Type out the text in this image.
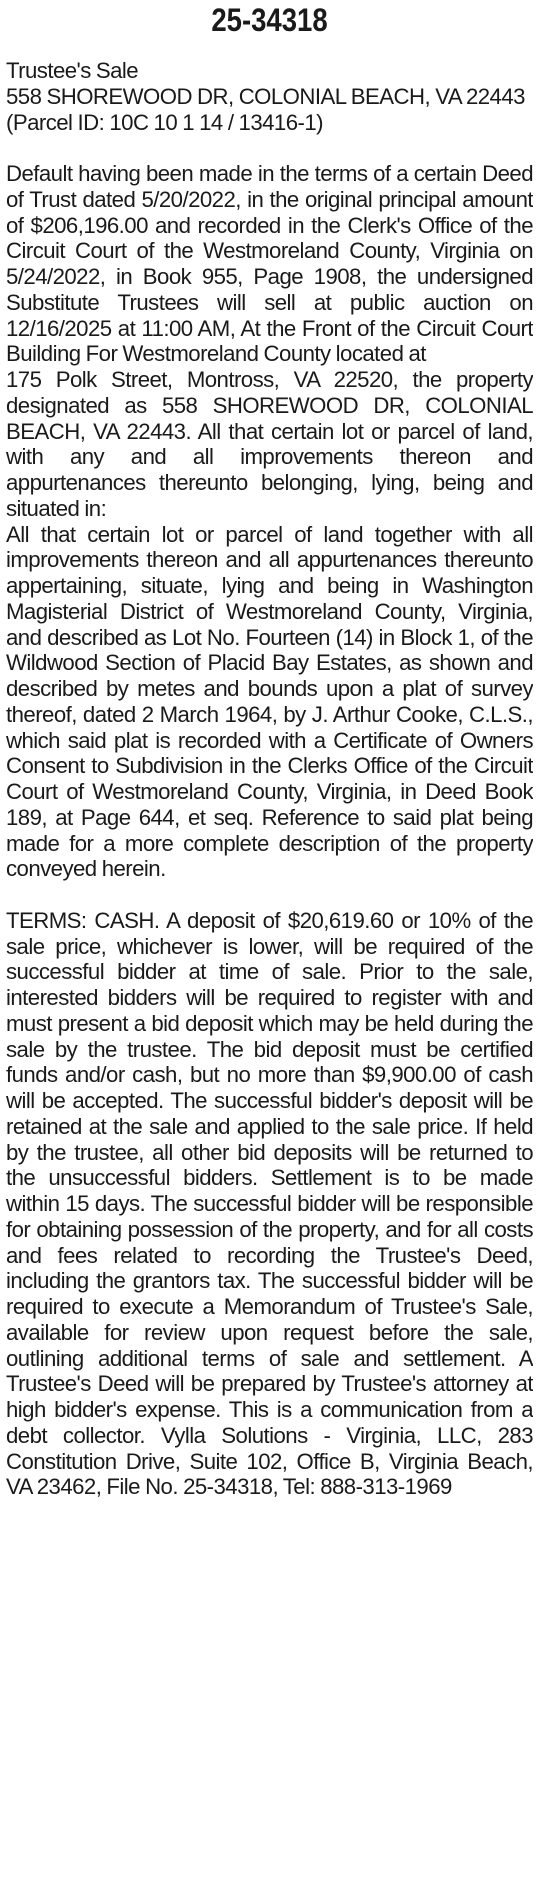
25-34318
Trustee's Sale
558 SHOREWOOD DR, COLONIAL BEACH, VA 22443
(Parcel ID: 10C 10 1 14 / 13416-1)
Default having been made in the terms of a certain Deed of Trust dated 5/20/2022, in the original principal amount of $206,196.00 and recorded in the Clerk's Office of the Circuit Court of the Westmoreland County, Virginia on 5/24/2022, in Book 955, Page 1908, the undersigned Substitute Trustees will sell at public auction on 12/16/2025 at 11:00 AM, At the Front of the Circuit Court Building For Westmoreland County located at
175 Polk Street, Montross, VA 22520, the property designated as 558 SHOREWOOD DR, COLONIAL BEACH, VA 22443. All that certain lot or parcel of land, with any and all improvements thereon and appurtenances thereunto belonging, lying, being and situated in:
All that certain lot or parcel of land together with all improvements thereon and all appurtenances thereunto appertaining, situate, lying and being in Washington Magisterial District of Westmoreland County, Virginia, and described as Lot No. Fourteen (14) in Block 1, of the Wildwood Section of Placid Bay Estates, as shown and described by metes and bounds upon a plat of survey thereof, dated 2 March 1964, by J. Arthur Cooke, C.L.S., which said plat is recorded with a Certificate of Owners Consent to Subdivision in the Clerks Office of the Circuit Court of Westmoreland County, Virginia, in Deed Book 189, at Page 644, et seq. Reference to said plat being made for a more complete description of the property conveyed herein.
TERMS: CASH. A deposit of $20,619.60 or 10% of the sale price, whichever is lower, will be required of the successful bidder at time of sale. Prior to the sale, interested bidders will be required to register with and must present a bid deposit which may be held during the sale by the trustee. The bid deposit must be certified funds and/or cash, but no more than $9,900.00 of cash will be accepted. The successful bidder's deposit will be retained at the sale and applied to the sale price. If held by the trustee, all other bid deposits will be returned to the unsuccessful bidders. Settlement is to be made within 15 days. The successful bidder will be responsible for obtaining possession of the property, and for all costs and fees related to recording the Trustee's Deed, including the grantors tax. The successful bidder will be required to execute a Memorandum of Trustee's Sale, available for review upon request before the sale, outlining additional terms of sale and settlement. A Trustee's Deed will be prepared by Trustee's attorney at high bidder's expense. This is a communication from a debt collector. Vylla Solutions - Virginia, LLC, 283 Constitution Drive, Suite 102, Office B, Virginia Beach, VA 23462, File No. 25-34318, Tel: 888-313-1969
